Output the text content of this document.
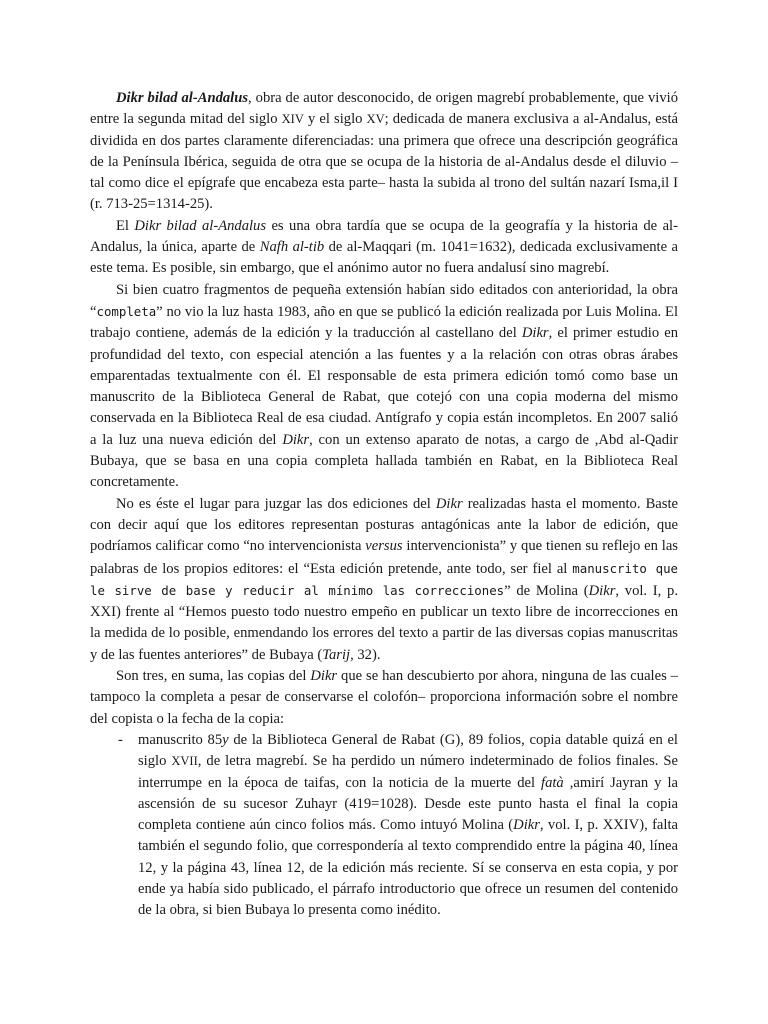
Dikr bilad al-Andalus, obra de autor desconocido, de origen magrebí probablemente, que vivió entre la segunda mitad del siglo XIV y el siglo XV; dedicada de manera exclusiva a al-Andalus, está dividida en dos partes claramente diferenciadas: una primera que ofrece una descripción geográfica de la Península Ibérica, seguida de otra que se ocupa de la historia de al-Andalus desde el diluvio –tal como dice el epígrafe que encabeza esta parte– hasta la subida al trono del sultán nazarí Isma,il I (r. 713-25=1314-25).

El Dikr bilad al-Andalus es una obra tardía que se ocupa de la geografía y la historia de al-Andalus, la única, aparte de Nafh al-tib de al-Maqqari (m. 1041=1632), dedicada exclusivamente a este tema. Es posible, sin embargo, que el anónimo autor no fuera andalusí sino magrebí.

Si bien cuatro fragmentos de pequeña extensión habían sido editados con anterioridad, la obra “completa” no vio la luz hasta 1983, año en que se publicó la edición realizada por Luis Molina. El trabajo contiene, además de la edición y la traducción al castellano del Dikr, el primer estudio en profundidad del texto, con especial atención a las fuentes y a la relación con otras obras árabes emparentadas textualmente con él. El responsable de esta primera edición tomó como base un manuscrito de la Biblioteca General de Rabat, que cotejó con una copia moderna del mismo conservada en la Biblioteca Real de esa ciudad. Antígrafo y copia están incompletos. En 2007 salió a la luz una nueva edición del Dikr, con un extenso aparato de notas, a cargo de ,Abd al-Qadir Bubaya, que se basa en una copia completa hallada también en Rabat, en la Biblioteca Real concretamente.

No es éste el lugar para juzgar las dos ediciones del Dikr realizadas hasta el momento. Baste con decir aquí que los editores representan posturas antagónicas ante la labor de edición, que podríamos calificar como “no intervencionista versus intervencionista” y que tienen su reflejo en las palabras de los propios editores: el “Esta edición pretende, ante todo, ser fiel al manuscrito que le sirve de base y reducir al mínimo las correcciones” de Molina (Dikr, vol. I, p. XXI) frente al “Hemos puesto todo nuestro empeño en publicar un texto libre de incorrecciones en la medida de lo posible, enmendando los errores del texto a partir de las diversas copias manuscritas y de las fuentes anteriores” de Bubaya (Tarij, 32).

Son tres, en suma, las copias del Dikr que se han descubierto por ahora, ninguna de las cuales –tampoco la completa a pesar de conservarse el colofón– proporciona información sobre el nombre del copista o la fecha de la copia:

- manuscrito 85y de la Biblioteca General de Rabat (G), 89 folios, copia datable quizá en el siglo XVII, de letra magrebí. Se ha perdido un número indeterminado de folios finales. Se interrumpe en la época de taifas, con la noticia de la muerte del fatà ,amirí Jayran y la ascensión de su sucesor Zuhayr (419=1028). Desde este punto hasta el final la copia completa contiene aún cinco folios más. Como intuyó Molina (Dikr, vol. I, p. XXIV), falta también el segundo folio, que correspondería al texto comprendido entre la página 40, línea 12, y la página 43, línea 12, de la edición más reciente. Sí se conserva en esta copia, y por ende ya había sido publicado, el párrafo introductorio que ofrece un resumen del contenido de la obra, si bien Bubaya lo presenta como inédito.
